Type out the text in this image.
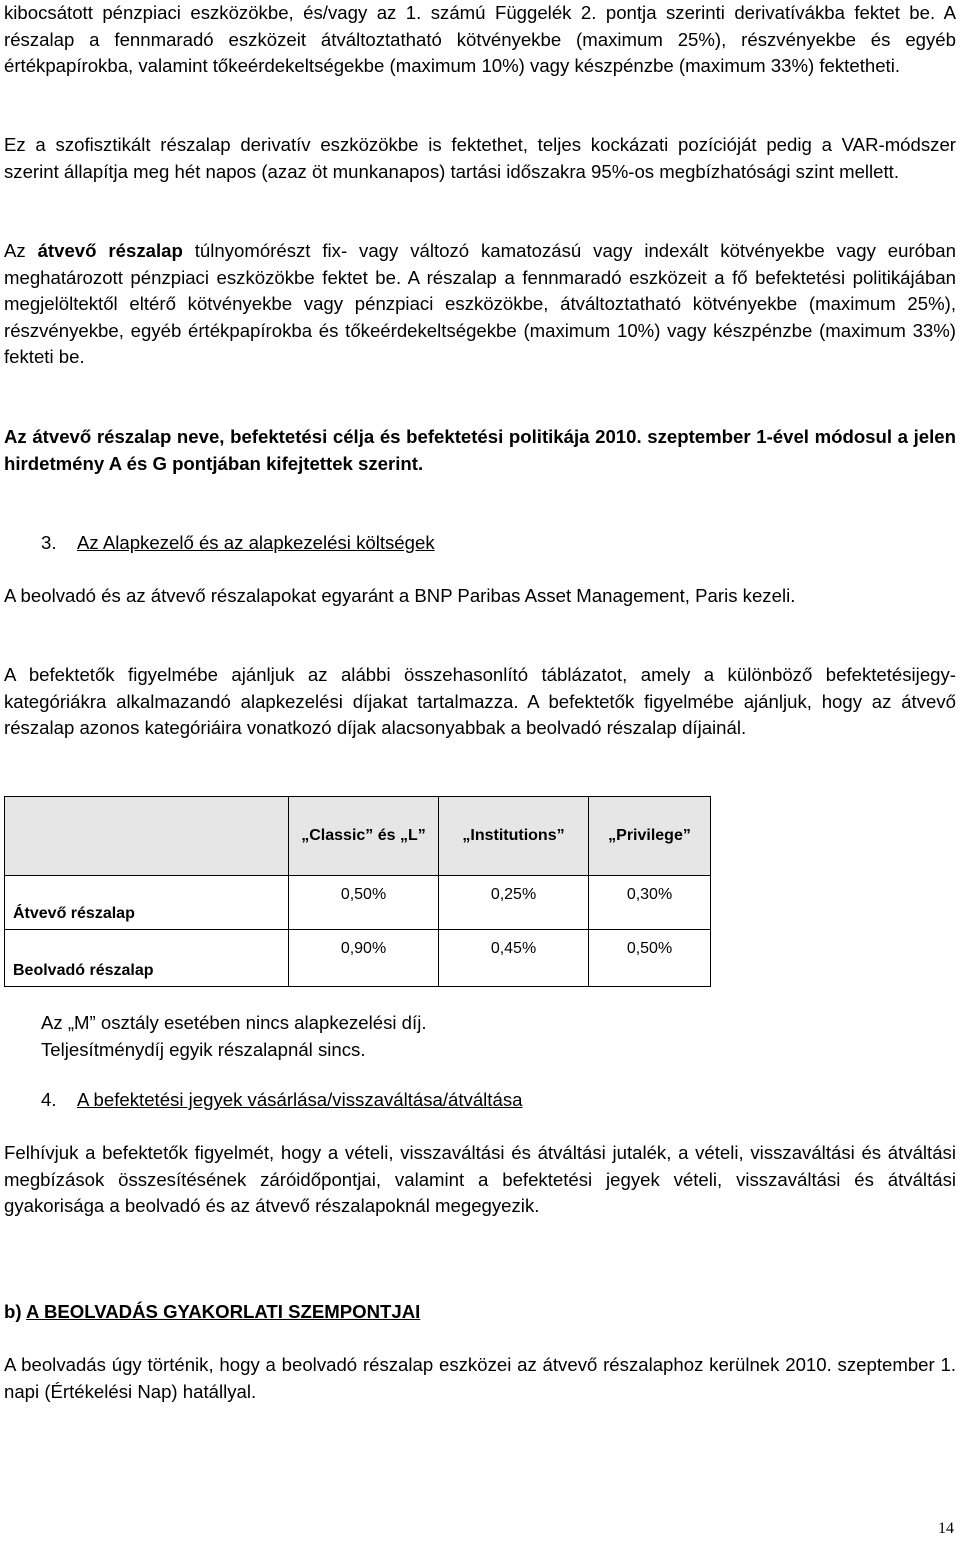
kibocsátott pénzpiaci eszközökbe, és/vagy az 1. számú Függelék 2. pontja szerinti derivatívákba fektet be. A részalap a fennmaradó eszközeit átváltoztatható kötvényekbe (maximum 25%), részvényekbe és egyéb értékpapírokba, valamint tőkeérdekeltségekbe (maximum 10%) vagy készpénzbe (maximum 33%) fektetheti.

Ez a szofisztikált részalap derivatív eszközökbe is fektethet, teljes kockázati pozícióját pedig a VAR-módszer szerint állapítja meg hét napos (azaz öt munkanapos) tartási időszakra 95%-os megbízhatósági szint mellett.

Az átvevő részalap túlnyomórészt fix- vagy változó kamatozású vagy indexált kötvényekbe vagy euróban meghatározott pénzpiaci eszközökbe fektet be. A részalap a fennmaradó eszközeit a fő befektetési politikájában megjelöltektől eltérő kötvényekbe vagy pénzpiaci eszközökbe, átváltoztatható kötvényekbe (maximum 25%), részvényekbe, egyéb értékpapírokba és tőkeérdekeltségekbe (maximum 10%) vagy készpénzbe (maximum 33%) fekteti be.

Az átvevő részalap neve, befektetési célja és befektetési politikája 2010. szeptember 1-ével módosul a jelen hirdetmény A és G pontjában kifejtettek szerint.

3. Az Alapkezelő és az alapkezelési költségek

A beolvadó és az átvevő részalapokat egyaránt a BNP Paribas Asset Management, Paris kezeli.

A befektetők figyelmébe ajánljuk az alábbi összehasonlító táblázatot, amely a különböző befektetésijegy-kategóriákra alkalmazandó alapkezelési díjakat tartalmazza. A befektetők figyelmébe ajánljuk, hogy az átvevő részalap azonos kategóriáira vonatkozó díjak alacsonyabbak a beolvadó részalap díjainál.

	„Classic” és „L”	„Institutions”	„Privilege”
Átvevő részalap	0,50%	0,25%	0,30%
Beolvadó részalap	0,90%	0,45%	0,50%
Az „M” osztály esetében nincs alapkezelési díj.
Teljesítménydíj egyik részalapnál sincs.

4. A befektetési jegyek vásárlása/visszaváltása/átváltása

Felhívjuk a befektetők figyelmét, hogy a vételi, visszaváltási és átváltási jutalék, a vételi, visszaváltási és átváltási megbízások összesítésének záróidőpontjai, valamint a befektetési jegyek vételi, visszaváltási és átváltási gyakorisága a beolvadó és az átvevő részalapoknál megegyezik.

b) A BEOLVADÁS GYAKORLATI SZEMPONTJAI

A beolvadás úgy történik, hogy a beolvadó részalap eszközei az átvevő részalaphoz kerülnek 2010. szeptember 1. napi (Értékelési Nap) hatállyal.

14
